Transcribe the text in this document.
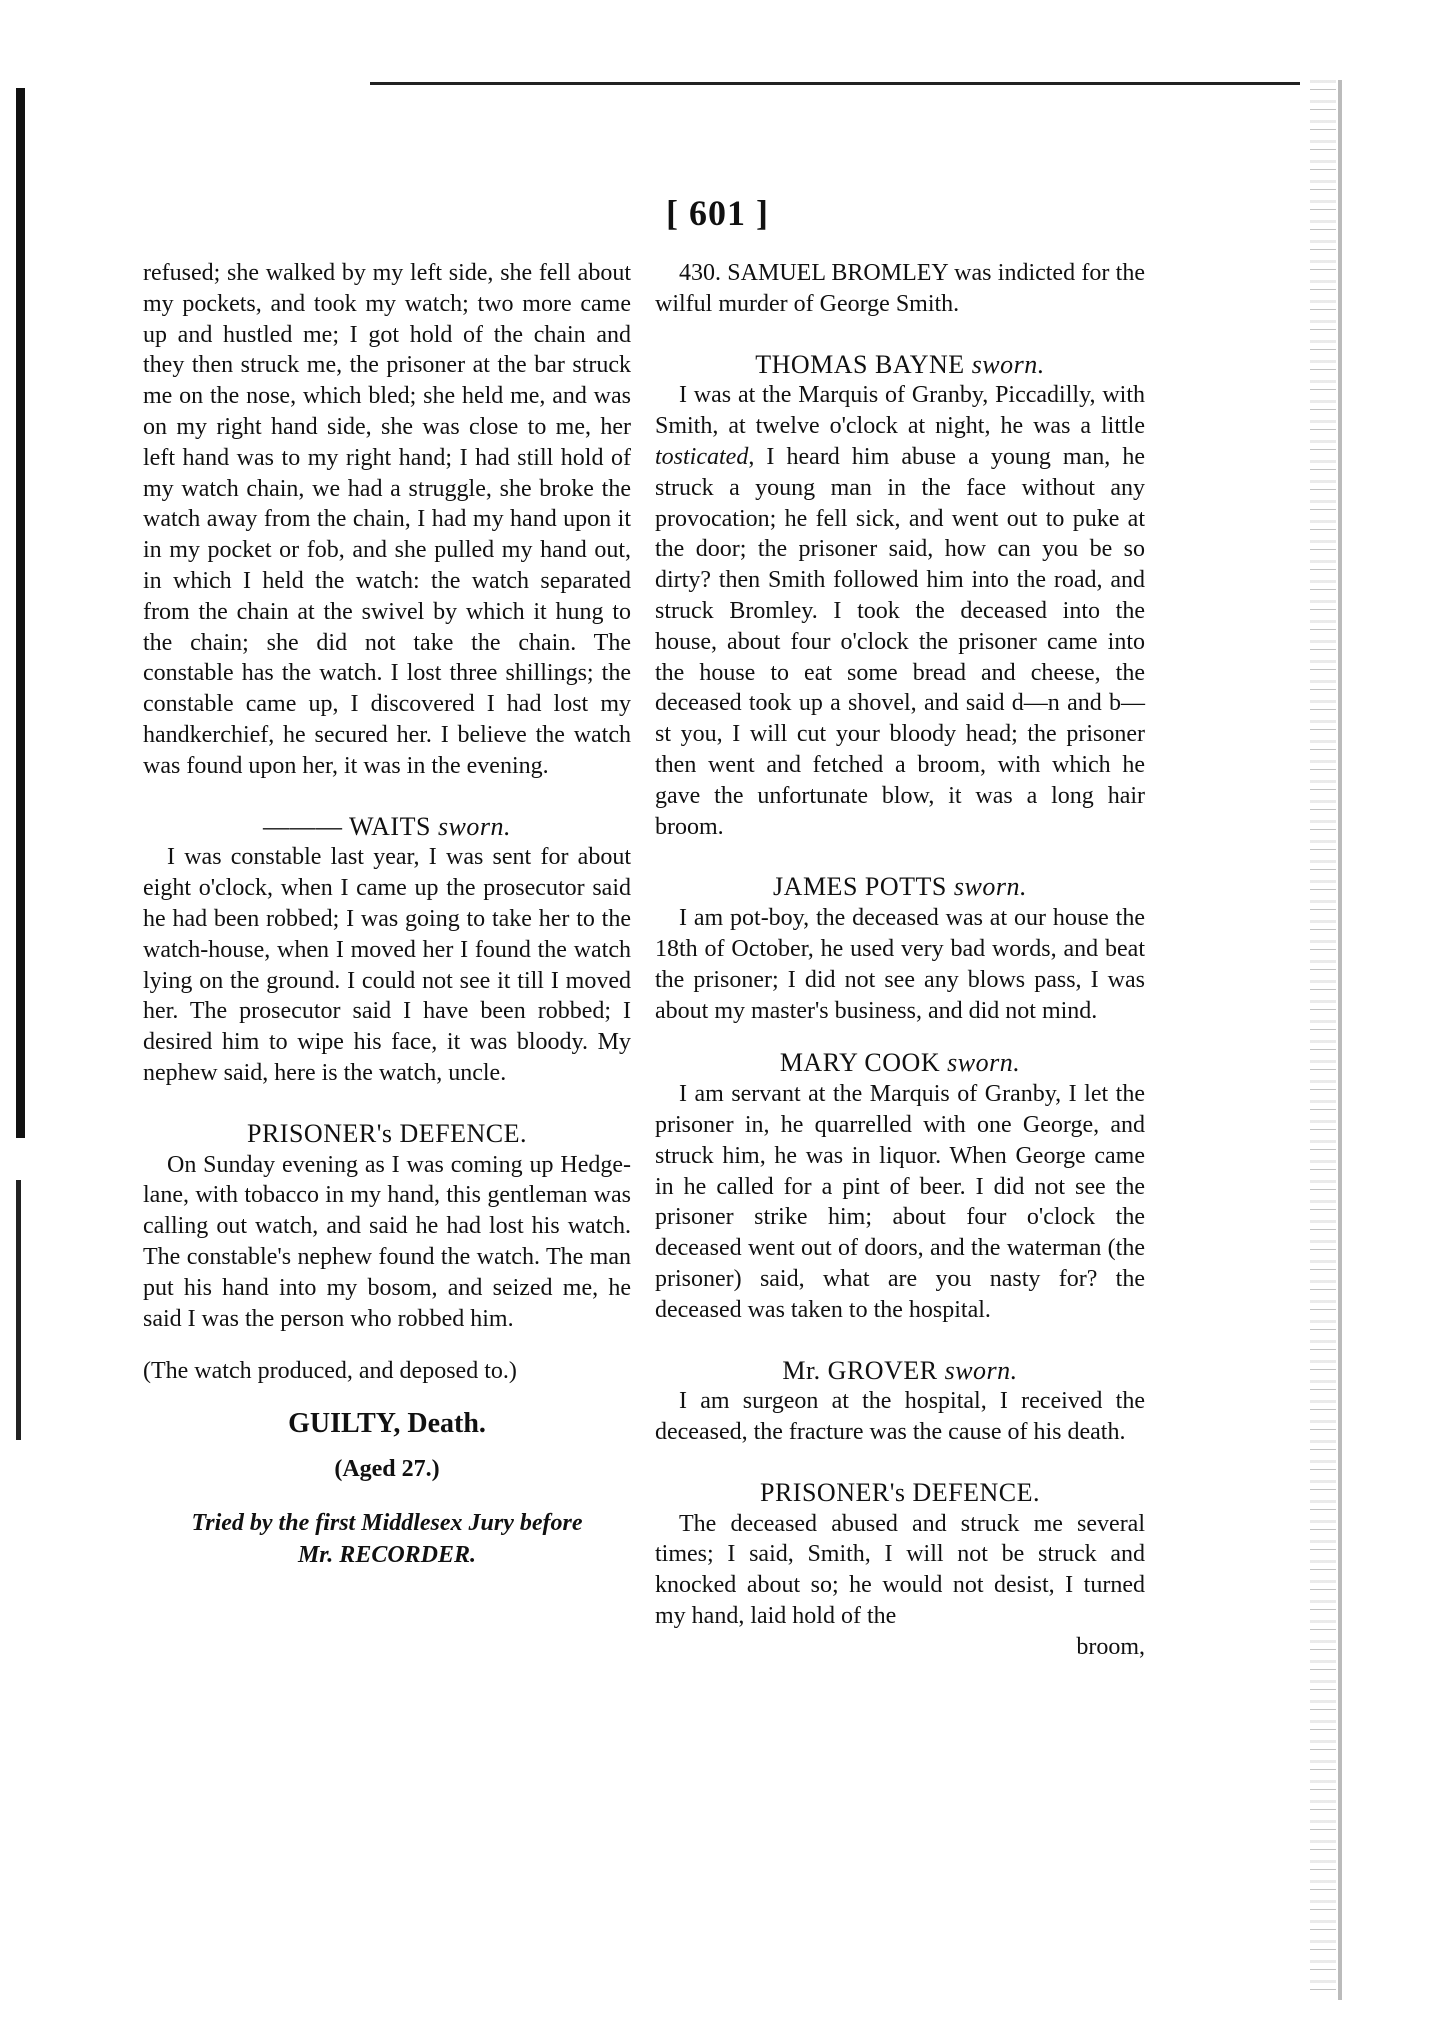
[ 601 ]

refused; she walked by my left side, she fell about my pockets, and took my watch; two more came up and hustled me; I got hold of the chain and they then struck me, the prisoner at the bar struck me on the nose, which bled; she held me, and was on my right hand side, she was close to me, her left hand was to my right hand; I had still hold of my watch chain, we had a struggle, she broke the watch away from the chain, I had my hand upon it in my pocket or fob, and she pulled my hand out, in which I held the watch: the watch separated from the chain at the swivel by which it hung to the chain; she did not take the chain. The constable has the watch. I lost three shillings; the constable came up, I discovered I had lost my handkerchief, he secured her. I believe the watch was found upon her, it was in the evening.

——— WAITS sworn.

I was constable last year, I was sent for about eight o'clock, when I came up the prosecutor said he had been robbed; I was going to take her to the watch-house, when I moved her I found the watch lying on the ground. I could not see it till I moved her. The prosecutor said I have been robbed; I desired him to wipe his face, it was bloody. My nephew said, here is the watch, uncle.

PRISONER's DEFENCE.

On Sunday evening as I was coming up Hedge-lane, with tobacco in my hand, this gentleman was calling out watch, and said he had lost his watch. The constable's nephew found the watch. The man put his hand into my bosom, and seized me, he said I was the person who robbed him.

(The watch produced, and deposed to.)

GUILTY, Death.

(Aged 27.)

Tried by the first Middlesex Jury before

Mr. RECORDER.

430. SAMUEL BROMLEY was indicted for the wilful murder of George Smith.

THOMAS BAYNE sworn.

I was at the Marquis of Granby, Piccadilly, with Smith, at twelve o'clock at night, he was a little tosticated, I heard him abuse a young man, he struck a young man in the face without any provocation; he fell sick, and went out to puke at the door; the prisoner said, how can you be so dirty? then Smith followed him into the road, and struck Bromley. I took the deceased into the house, about four o'clock the prisoner came into the house to eat some bread and cheese, the deceased took up a shovel, and said d—n and b—st you, I will cut your bloody head; the prisoner then went and fetched a broom, with which he gave the unfortunate blow, it was a long hair broom.

JAMES POTTS sworn.

I am pot-boy, the deceased was at our house the 18th of October, he used very bad words, and beat the prisoner; I did not see any blows pass, I was about my master's business, and did not mind.

MARY COOK sworn.

I am servant at the Marquis of Granby, I let the prisoner in, he quarrelled with one George, and struck him, he was in liquor. When George came in he called for a pint of beer. I did not see the prisoner strike him; about four o'clock the deceased went out of doors, and the waterman (the prisoner) said, what are you nasty for? the deceased was taken to the hospital.

Mr. GROVER sworn.

I am surgeon at the hospital, I received the deceased, the fracture was the cause of his death.

PRISONER's DEFENCE.

The deceased abused and struck me several times; I said, Smith, I will not be struck and knocked about so; he would not desist, I turned my hand, laid hold of the

broom,
